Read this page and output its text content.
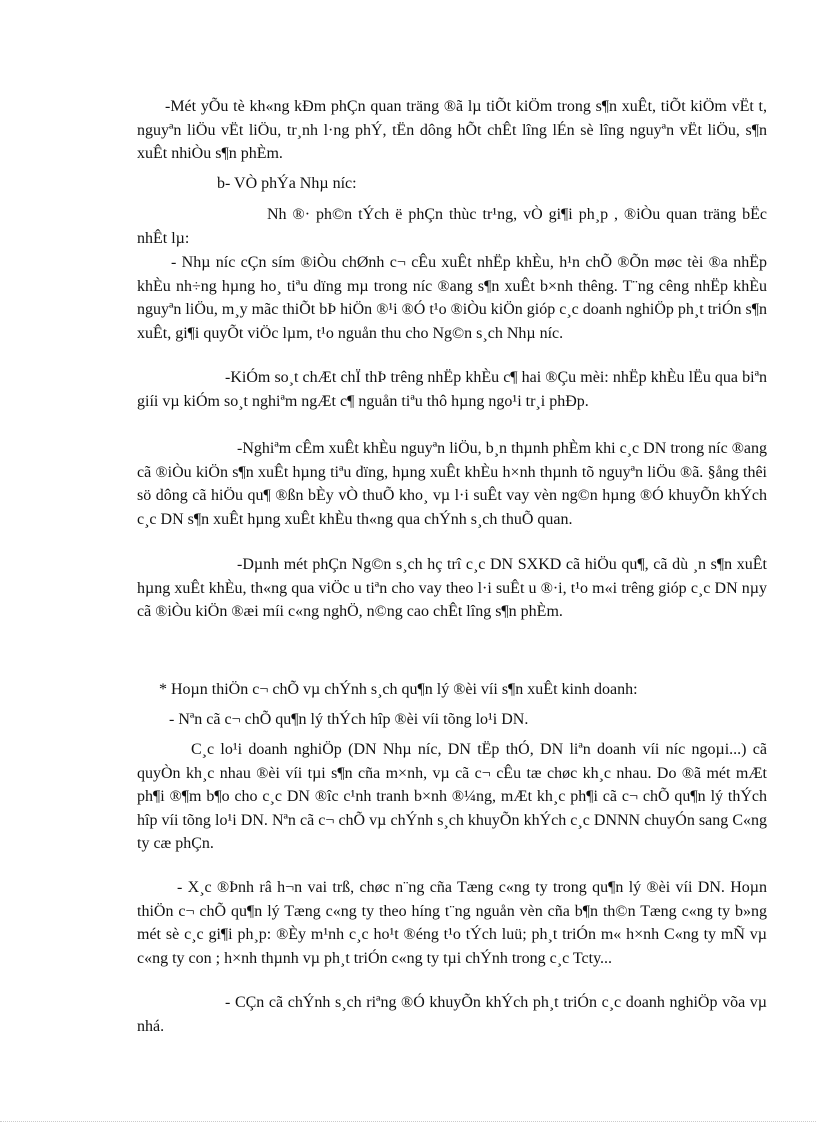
-Mét yÕu tè kh«ng kÐm phÇn quan träng ®ã lµ tiÕt kiÖm trong s¶n xuÊt, tiÕt kiÖm vËt t, nguyªn liÖu vËt liÖu, tr¸nh l·ng phÝ, tËn dông hÕt chÊt lîng lÉn sè lîng nguyªn vËt liÖu, s¶n xuÊt nhiÒu s¶n phÈm.

b- VÒ phÝa Nhµ níc:

Nh ®· ph©n tÝch ë phÇn thùc tr¹ng, vÒ gi¶i ph¸p , ®iÒu quan träng bËc nhÊt lµ:

- Nhµ níc cÇn sím ®iÒu chØnh c¬ cÊu xuÊt nhËp khÈu, h¹n chÕ ®Õn møc tèi ®a nhËp khÈu nh÷ng hµng ho¸ tiªu dïng mµ trong níc ®ang s¶n xuÊt b×nh thêng. T¨ng cêng nhËp khÈu nguyªn liÖu, m¸y mãc thiÕt bÞ hiÖn ®¹i ®Ó t¹o ®iÒu kiÖn gióp c¸c doanh nghiÖp ph¸t triÓn s¶n xuÊt, gi¶i quyÕt viÖc lµm, t¹o nguån thu cho Ng©n s¸ch Nhµ níc.

-KiÓm so¸t chÆt chÏ thÞ trêng nhËp khÈu c¶ hai ®Çu mèi: nhËp khÈu lËu qua biªn giíi vµ kiÓm so¸t nghiªm ngÆt c¶ nguån tiªu thô hµng ngo¹i tr¸i phÐp.

-Nghiªm cÊm xuÊt khÈu nguyªn liÖu, b¸n thµnh phÈm khi c¸c DN trong níc ®ang cã ®iÒu kiÖn s¶n xuÊt hµng tiªu dïng, hµng xuÊt khÈu h×nh thµnh tõ nguyªn liÖu ®ã. §ång thêi sö dông cã hiÖu qu¶ ®ßn bÈy vÒ thuÕ kho¸ vµ l·i suÊt vay vèn ng©n hµng ®Ó khuyÕn khÝch c¸c DN s¶n xuÊt hµng xuÊt khÈu th«ng qua chÝnh s¸ch thuÕ quan.

-Dµnh mét phÇn Ng©n s¸ch hç trî c¸c DN SXKD cã hiÖu qu¶, cã dù ¸n s¶n xuÊt hµng xuÊt khÈu, th«ng qua viÖc u tiªn cho vay theo l·i suÊt u ®·i, t¹o m«i trêng gióp c¸c DN nµy cã ®iÒu kiÖn ®æi míi c«ng nghÖ, n©ng cao chÊt lîng s¶n phÈm.

* Hoµn thiÖn c¬ chÕ vµ chÝnh s¸ch qu¶n lý ®èi víi s¶n xuÊt kinh doanh:

- Nªn cã c¬ chÕ qu¶n lý thÝch hîp ®èi víi tõng lo¹i DN.

C¸c lo¹i doanh nghiÖp (DN Nhµ níc, DN tËp thÓ, DN liªn doanh víi níc ngoµi...) cã quyÒn kh¸c nhau ®èi víi tµi s¶n cña m×nh, vµ cã c¬ cÊu tæ chøc kh¸c nhau. Do ®ã mét mÆt ph¶i ®¶m b¶o cho c¸c DN ®îc c¹nh tranh b×nh ®¼ng, mÆt kh¸c ph¶i cã c¬ chÕ qu¶n lý thÝch hîp víi tõng lo¹i DN. Nªn cã c¬ chÕ vµ chÝnh s¸ch khuyÕn khÝch c¸c DNNN chuyÓn sang C«ng ty cæ phÇn.

- X¸c ®Þnh râ h¬n vai trß, chøc n¨ng cña Tæng c«ng ty trong qu¶n lý ®èi víi DN. Hoµn thiÖn c¬ chÕ qu¶n lý Tæng c«ng ty theo híng t¨ng nguån vèn cña b¶n th©n Tæng c«ng ty b»ng mét sè c¸c gi¶i ph¸p: ®Èy m¹nh c¸c ho¹t ®éng t¹o tÝch luü; ph¸t triÓn m« h×nh C«ng ty mÑ vµ c«ng ty con ; h×nh thµnh vµ ph¸t triÓn c«ng ty tµi chÝnh trong c¸c Tcty...

- CÇn cã chÝnh s¸ch riªng ®Ó khuyÕn khÝch ph¸t triÓn c¸c doanh nghiÖp võa vµ nhá.
